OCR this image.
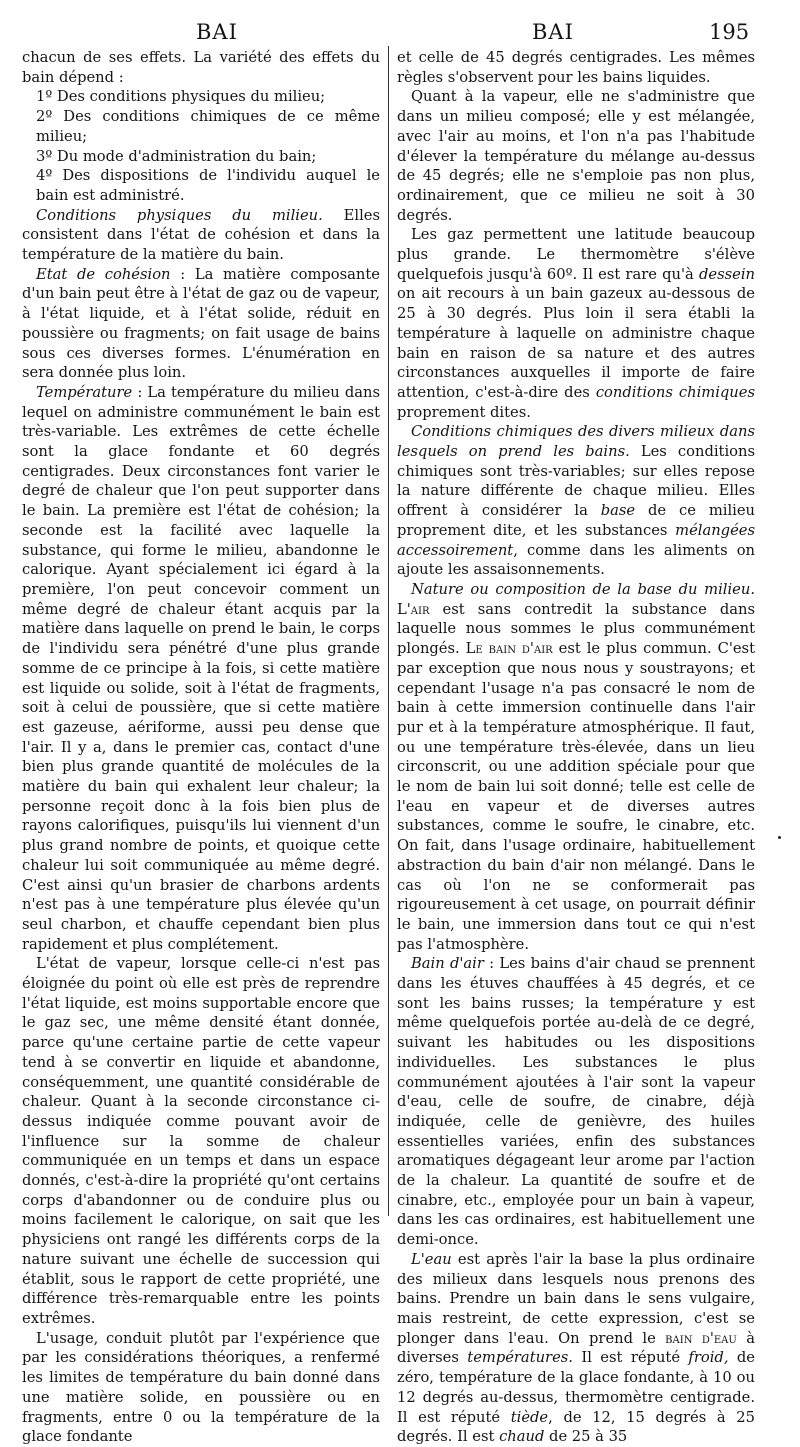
BAI	BAI	195

chacun de ses effets. La variété des effets du bain dépend :

1º Des conditions physiques du milieu;

2º Des conditions chimiques de ce même milieu;

3º Du mode d'administration du bain;

4º Des dispositions de l'individu auquel le bain est administré.

Conditions physiques du milieu. Elles consistent dans l'état de cohésion et dans la température de la matière du bain.

Etat de cohésion : La matière composante d'un bain peut être à l'état de gaz ou de vapeur, à l'état liquide, et à l'état solide, réduit en poussière ou fragments; on fait usage de bains sous ces diverses formes. L'énumération en sera donnée plus loin.

Température : La température du milieu dans lequel on administre communément le bain est très-variable. Les extrêmes de cette échelle sont la glace fondante et 60 degrés centigrades. Deux circonstances font varier le degré de chaleur que l'on peut supporter dans le bain. La première est l'état de cohésion; la seconde est la facilité avec laquelle la substance, qui forme le milieu, abandonne le calorique. Ayant spécialement ici égard à la première, l'on peut concevoir comment un même degré de chaleur étant acquis par la matière dans laquelle on prend le bain, le corps de l'individu sera pénétré d'une plus grande somme de ce principe à la fois, si cette matière est liquide ou solide, soit à l'état de fragments, soit à celui de poussière, que si cette matière est gazeuse, aériforme, aussi peu dense que l'air. Il y a, dans le premier cas, contact d'une bien plus grande quantité de molécules de la matière du bain qui exhalent leur chaleur; la personne reçoit donc à la fois bien plus de rayons calorifiques, puisqu'ils lui viennent d'un plus grand nombre de points, et quoique cette chaleur lui soit communiquée au même degré. C'est ainsi qu'un brasier de charbons ardents n'est pas à une température plus élevée qu'un seul charbon, et chauffe cependant bien plus rapidement et plus complétement.

L'état de vapeur, lorsque celle-ci n'est pas éloignée du point où elle est près de reprendre l'état liquide, est moins supportable encore que le gaz sec, une même densité étant donnée, parce qu'une certaine partie de cette vapeur tend à se convertir en liquide et abandonne, conséquemment, une quantité considérable de chaleur. Quant à la seconde circonstance ci-dessus indiquée comme pouvant avoir de l'influence sur la somme de chaleur communiquée en un temps et dans un espace donnés, c'est-à-dire la propriété qu'ont certains corps d'abandonner ou de conduire plus ou moins facilement le calorique, on sait que les physiciens ont rangé les différents corps de la nature suivant une échelle de succession qui établit, sous le rapport de cette propriété, une différence très-remarquable entre les points extrêmes.

L'usage, conduit plutôt par l'expérience que par les considérations théoriques, a renfermé les limites de température du bain donné dans une matière solide, en poussière ou en fragments, entre 0 ou la température de la glace fondante

et celle de 45 degrés centigrades. Les mêmes règles s'observent pour les bains liquides.

Quant à la vapeur, elle ne s'administre que dans un milieu composé; elle y est mélangée, avec l'air au moins, et l'on n'a pas l'habitude d'élever la température du mélange au-dessus de 45 degrés; elle ne s'emploie pas non plus, ordinairement, que ce milieu ne soit à 30 degrés.

Les gaz permettent une latitude beaucoup plus grande. Le thermomètre s'élève quelquefois jusqu'à 60º. Il est rare qu'à dessein on ait recours à un bain gazeux au-dessous de 25 à 30 degrés. Plus loin il sera établi la température à laquelle on administre chaque bain en raison de sa nature et des autres circonstances auxquelles il importe de faire attention, c'est-à-dire des conditions chimiques proprement dites.

Conditions chimiques des divers milieux dans lesquels on prend les bains. Les conditions chimiques sont très-variables; sur elles repose la nature différente de chaque milieu. Elles offrent à considérer la base de ce milieu proprement dite, et les substances mélangées accessoirement, comme dans les aliments on ajoute les assaisonnements.

Nature ou composition de la base du milieu. L'air est sans contredit la substance dans laquelle nous sommes le plus communément plongés. Le bain d'air est le plus commun. C'est par exception que nous nous y soustrayons; et cependant l'usage n'a pas consacré le nom de bain à cette immersion continuelle dans l'air pur et à la température atmosphérique. Il faut, ou une température très-élevée, dans un lieu circonscrit, ou une addition spéciale pour que le nom de bain lui soit donné; telle est celle de l'eau en vapeur et de diverses autres substances, comme le soufre, le cinabre, etc. On fait, dans l'usage ordinaire, habituellement abstraction du bain d'air non mélangé. Dans le cas où l'on ne se conformerait pas rigoureusement à cet usage, on pourrait définir le bain, une immersion dans tout ce qui n'est pas l'atmosphère.

Bain d'air : Les bains d'air chaud se prennent dans les étuves chauffées à 45 degrés, et ce sont les bains russes; la température y est même quelquefois portée au-delà de ce degré, suivant les habitudes ou les dispositions individuelles. Les substances le plus communément ajoutées à l'air sont la vapeur d'eau, celle de soufre, de cinabre, déjà indiquée, celle de genièvre, des huiles essentielles variées, enfin des substances aromatiques dégageant leur arome par l'action de la chaleur. La quantité de soufre et de cinabre, etc., employée pour un bain à vapeur, dans les cas ordinaires, est habituellement une demi-once.

L'eau est après l'air la base la plus ordinaire des milieux dans lesquels nous prenons des bains. Prendre un bain dans le sens vulgaire, mais restreint, de cette expression, c'est se plonger dans l'eau. On prend le bain d'eau à diverses températures. Il est réputé froid, de zéro, température de la glace fondante, à 10 ou 12 degrés au-dessus, thermomètre centigrade. Il est réputé tiède, de 12, 15 degrés à 25 degrés. Il est chaud de 25 à 35
